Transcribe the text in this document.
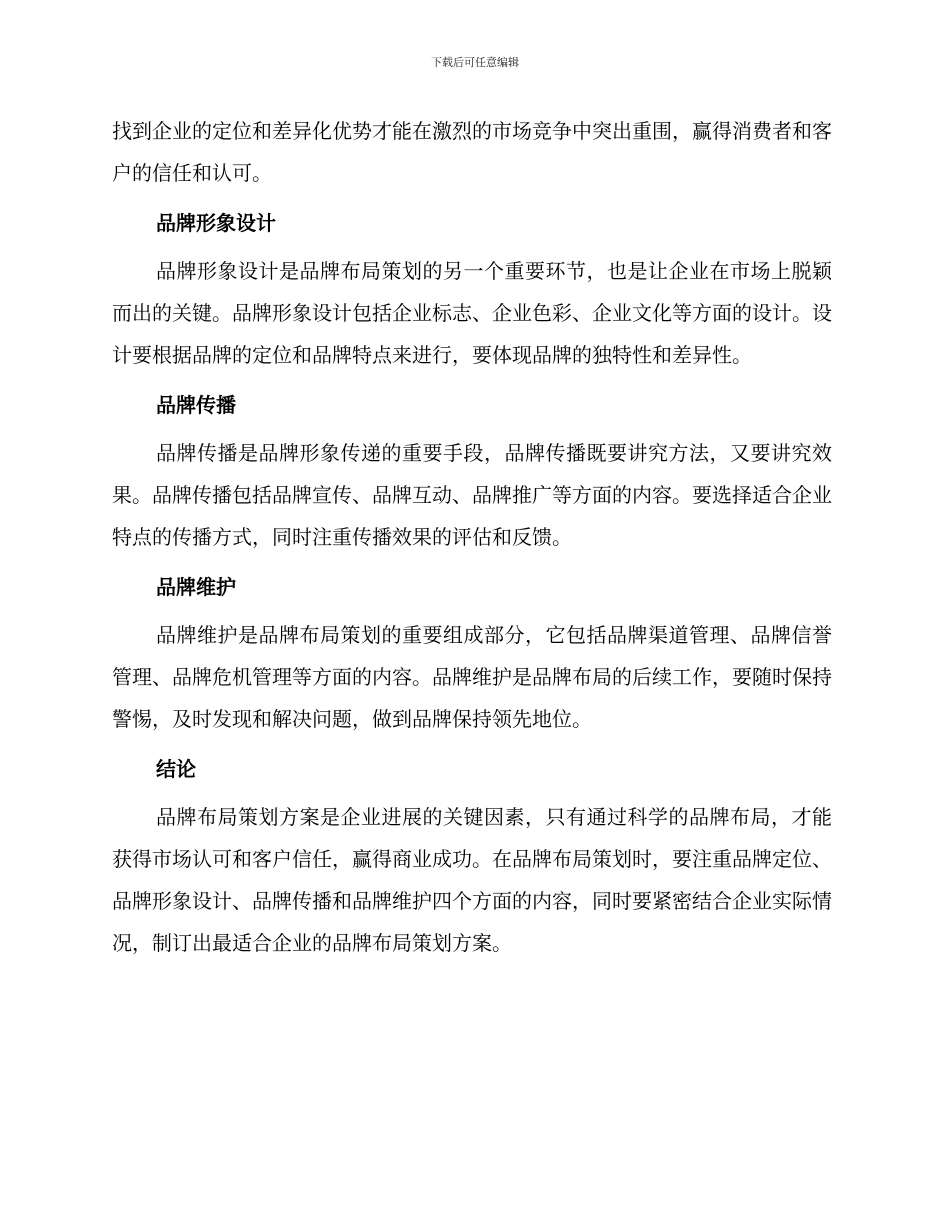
下载后可任意编辑

找到企业的定位和差异化优势才能在激烈的市场竞争中突出重围，赢得消费者和客户的信任和认可。

品牌形象设计

品牌形象设计是品牌布局策划的另一个重要环节，也是让企业在市场上脱颖而出的关键。品牌形象设计包括企业标志、企业色彩、企业文化等方面的设计。设计要根据品牌的定位和品牌特点来进行，要体现品牌的独特性和差异性。

品牌传播

品牌传播是品牌形象传递的重要手段，品牌传播既要讲究方法，又要讲究效果。品牌传播包括品牌宣传、品牌互动、品牌推广等方面的内容。要选择适合企业特点的传播方式，同时注重传播效果的评估和反馈。

品牌维护

品牌维护是品牌布局策划的重要组成部分，它包括品牌渠道管理、品牌信誉管理、品牌危机管理等方面的内容。品牌维护是品牌布局的后续工作，要随时保持警惕，及时发现和解决问题，做到品牌保持领先地位。

结论

品牌布局策划方案是企业进展的关键因素，只有通过科学的品牌布局，才能获得市场认可和客户信任，赢得商业成功。在品牌布局策划时，要注重品牌定位、品牌形象设计、品牌传播和品牌维护四个方面的内容，同时要紧密结合企业实际情况，制订出最适合企业的品牌布局策划方案。
